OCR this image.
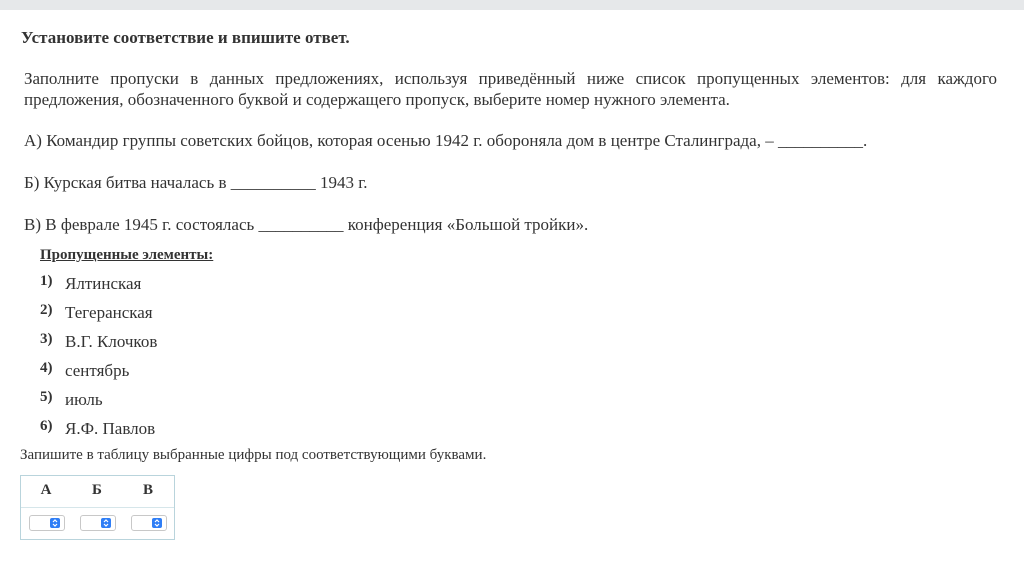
Установите соответствие и впишите ответ.
Заполните пропуски в данных предложениях, используя приведённый ниже список пропущенных элементов: для каждого предложения, обозначенного буквой и содержащего пропуск, выберите номер нужного элемента.
А) Командир группы советских бойцов, которая осенью 1942 г. обороняла дом в центре Сталинграда, – __________.
Б) Курская битва началась в __________ 1943 г.
В) В феврале 1945 г. состоялась __________ конференция «Большой тройки».
Пропущенные элементы:
1) Ялтинская
2) Тегеранская
3) В.Г. Клочков
4) сентябрь
5) июль
6) Я.Ф. Павлов
Запишите в таблицу выбранные цифры под соответствующими буквами.
А	Б	В
